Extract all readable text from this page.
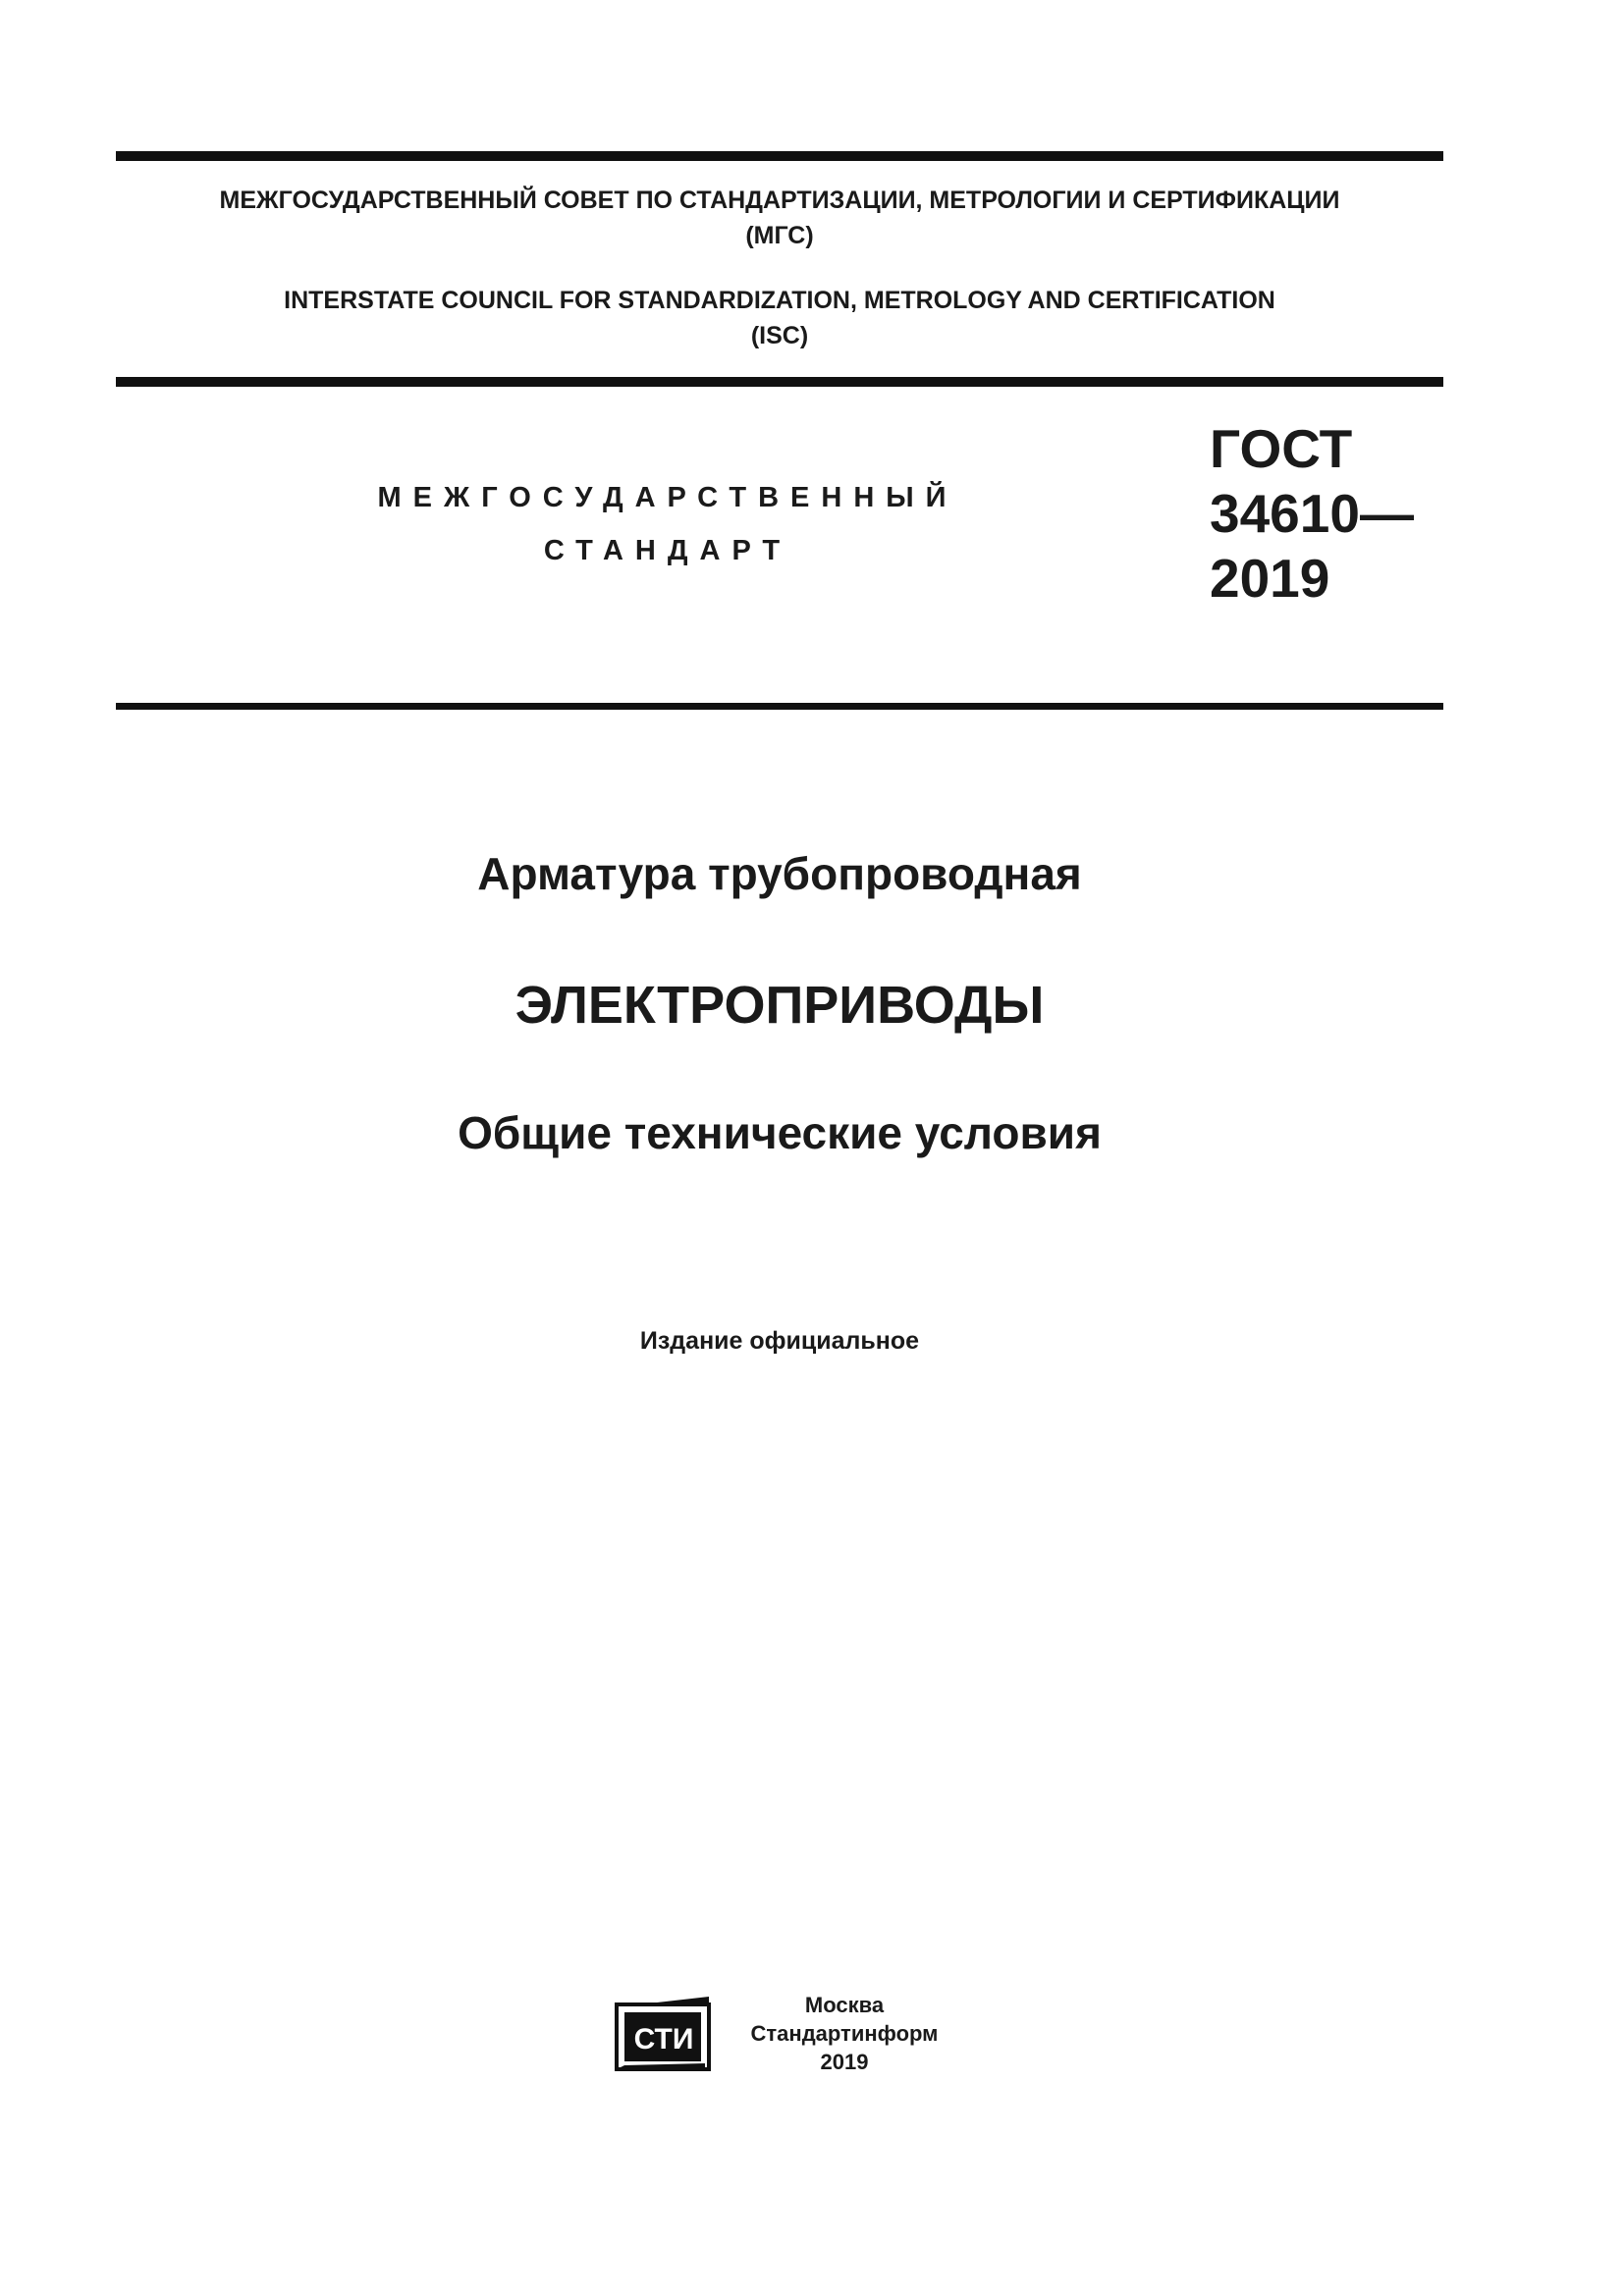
МЕЖГОСУДАРСТВЕННЫЙ СОВЕТ ПО СТАНДАРТИЗАЦИИ, МЕТРОЛОГИИ И СЕРТИФИКАЦИИ
(МГС)
INTERSTATE COUNCIL FOR STANDARDIZATION, METROLOGY AND CERTIFICATION
(ISC)
МЕЖГОСУДАРСТВЕННЫЙ
СТАНДАРТ
ГОСТ
34610—
2019
Арматура трубопроводная
ЭЛЕКТРОПРИВОДЫ
Общие технические условия
Издание официальное
СТИ
Москва
Стандартинформ
2019
